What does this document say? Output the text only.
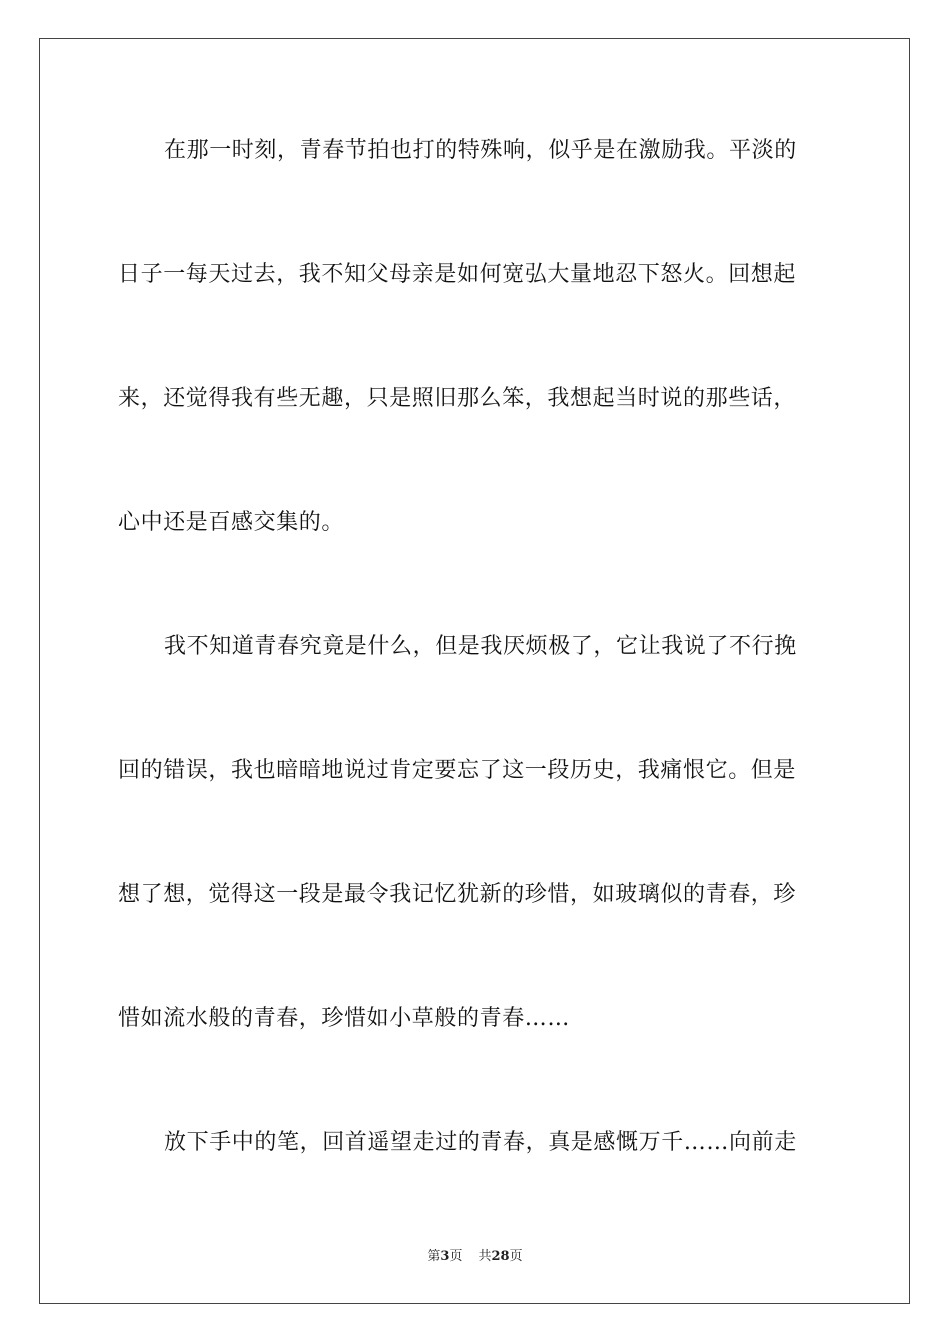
在那一时刻，青春节拍也打的特殊响，似乎是在激励我。平淡的
日子一每天过去，我不知父母亲是如何宽弘大量地忍下怒火。回想起
来，还觉得我有些无趣，只是照旧那么笨，我想起当时说的那些话，
心中还是百感交集的。
我不知道青春究竟是什么，但是我厌烦极了，它让我说了不行挽
回的错误，我也暗暗地说过肯定要忘了这一段历史，我痛恨它。但是
想了想，觉得这一段是最令我记忆犹新的珍惜，如玻璃似的青春，珍
惜如流水般的青春，珍惜如小草般的青春……
放下手中的笔，回首遥望走过的青春，真是感慨万千……向前走
第3页 共28页
